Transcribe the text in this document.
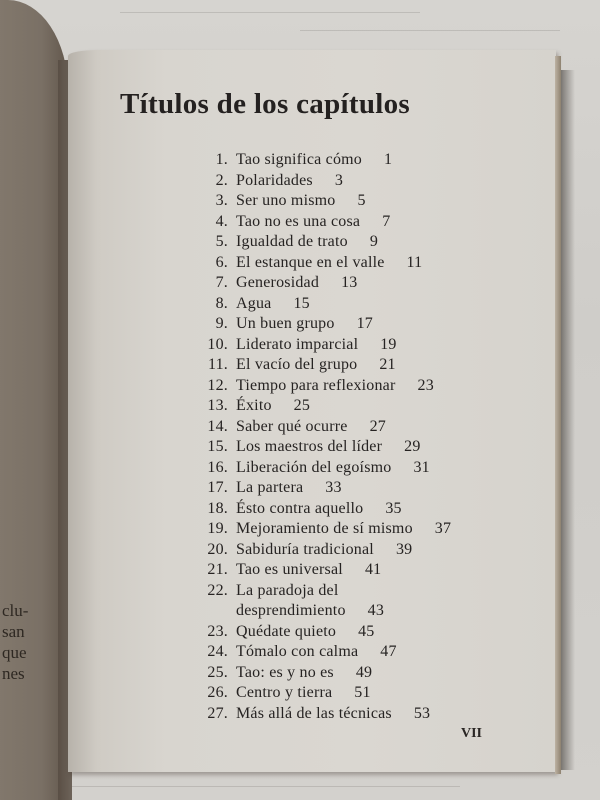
clu-
san
que
nes
Títulos de los capítulos
1. Tao significa cómo 1
2. Polaridades 3
3. Ser uno mismo 5
4. Tao no es una cosa 7
5. Igualdad de trato 9
6. El estanque en el valle 11
7. Generosidad 13
8. Agua 15
9. Un buen grupo 17
10. Liderato imparcial 19
11. El vacío del grupo 21
12. Tiempo para reflexionar 23
13. Éxito 25
14. Saber qué ocurre 27
15. Los maestros del líder 29
16. Liberación del egoísmo 31
17. La partera 33
18. Ésto contra aquello 35
19. Mejoramiento de sí mismo 37
20. Sabiduría tradicional 39
21. Tao es universal 41
22. La paradoja del
desprendimiento 43
23. Quédate quieto 45
24. Tómalo con calma 47
25. Tao: es y no es 49
26. Centro y tierra 51
27. Más allá de las técnicas 53
VII
